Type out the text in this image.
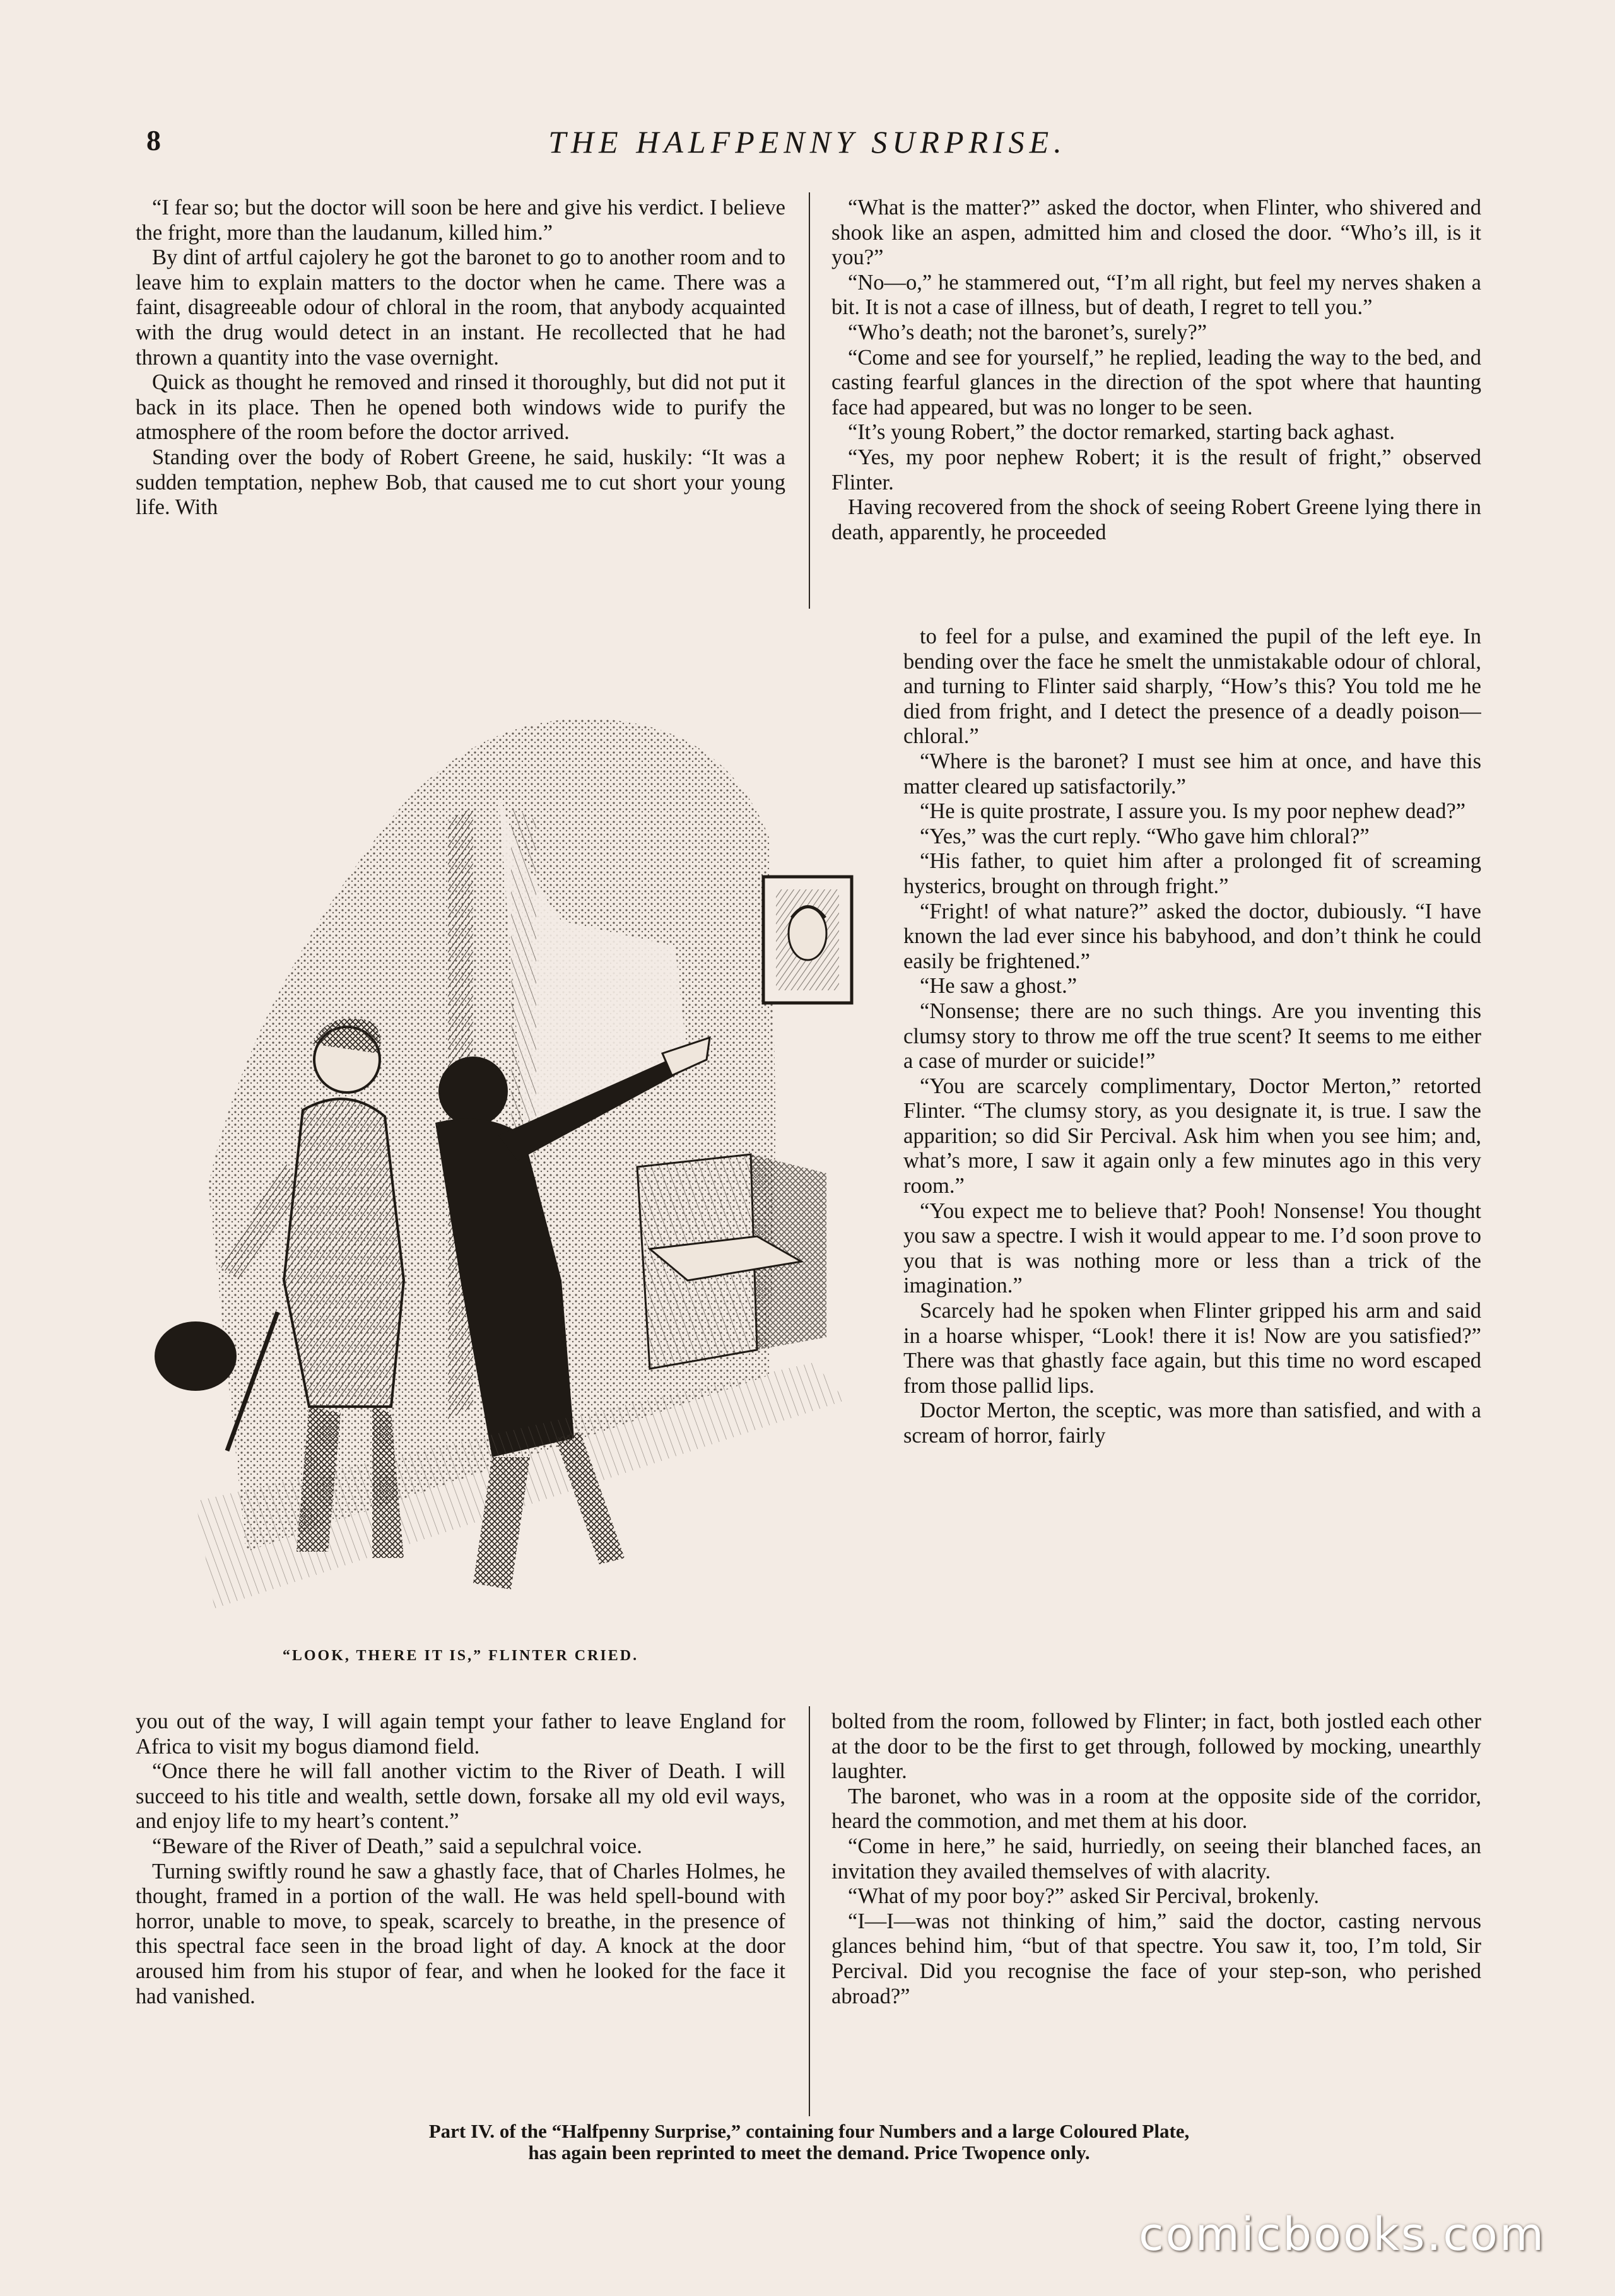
8	THE HALFPENNY SURPRISE.

“I fear so; but the doctor will soon be here and give his verdict. I believe the fright, more than the laudanum, killed him.”

By dint of artful cajolery he got the baronet to go to another room and to leave him to explain matters to the doctor when he came. There was a faint, disagreeable odour of chloral in the room, that anybody acquainted with the drug would detect in an instant. He recollected that he had thrown a quantity into the vase overnight.

Quick as thought he removed and rinsed it thoroughly, but did not put it back in its place. Then he opened both windows wide to purify the atmosphere of the room before the doctor arrived.

Standing over the body of Robert Greene, he said, huskily: “It was a sudden temptation, nephew Bob, that caused me to cut short your young life. With

“What is the matter?” asked the doctor, when Flinter, who shivered and shook like an aspen, admitted him and closed the door. “Who’s ill, is it you?”

“No—o,” he stammered out, “I’m all right, but feel my nerves shaken a bit. It is not a case of illness, but of death, I regret to tell you.”

“Who’s death; not the baronet’s, surely?”

“Come and see for yourself,” he replied, leading the way to the bed, and casting fearful glances in the direction of the spot where that haunting face had appeared, but was no longer to be seen.

“It’s young Robert,” the doctor remarked, starting back aghast.

“Yes, my poor nephew Robert; it is the result of fright,” observed Flinter.

Having recovered from the shock of seeing Robert Greene lying there in death, apparently, he proceeded

“LOOK, THERE IT IS,” FLINTER CRIED.

to feel for a pulse, and examined the pupil of the left eye. In bending over the face he smelt the unmistakable odour of chloral, and turning to Flinter said sharply, “How’s this? You told me he died from fright, and I detect the presence of a deadly poison—chloral.”

“Where is the baronet? I must see him at once, and have this matter cleared up satisfactorily.”

“He is quite prostrate, I assure you. Is my poor nephew dead?”

“Yes,” was the curt reply. “Who gave him chloral?”

“His father, to quiet him after a prolonged fit of screaming hysterics, brought on through fright.”

“Fright! of what nature?” asked the doctor, dubiously. “I have known the lad ever since his babyhood, and don’t think he could easily be frightened.”

“He saw a ghost.”

“Nonsense; there are no such things. Are you inventing this clumsy story to throw me off the true scent? It seems to me either a case of murder or suicide!”

“You are scarcely complimentary, Doctor Merton,” retorted Flinter. “The clumsy story, as you designate it, is true. I saw the apparition; so did Sir Percival. Ask him when you see him; and, what’s more, I saw it again only a few minutes ago in this very room.”

“You expect me to believe that? Pooh! Nonsense! You thought you saw a spectre. I wish it would appear to me. I’d soon prove to you that is was nothing more or less than a trick of the imagination.”

Scarcely had he spoken when Flinter gripped his arm and said in a hoarse whisper, “Look! there it is! Now are you satisfied?” There was that ghastly face again, but this time no word escaped from those pallid lips.

Doctor Merton, the sceptic, was more than satisfied, and with a scream of horror, fairly

you out of the way, I will again tempt your father to leave England for Africa to visit my bogus diamond field.

“Once there he will fall another victim to the River of Death. I will succeed to his title and wealth, settle down, forsake all my old evil ways, and enjoy life to my heart’s content.”

“Beware of the River of Death,” said a sepulchral voice.

Turning swiftly round he saw a ghastly face, that of Charles Holmes, he thought, framed in a portion of the wall. He was held spell-bound with horror, unable to move, to speak, scarcely to breathe, in the presence of this spectral face seen in the broad light of day. A knock at the door aroused him from his stupor of fear, and when he looked for the face it had vanished.

bolted from the room, followed by Flinter; in fact, both jostled each other at the door to be the first to get through, followed by mocking, unearthly laughter.

The baronet, who was in a room at the opposite side of the corridor, heard the commotion, and met them at his door.

“Come in here,” he said, hurriedly, on seeing their blanched faces, an invitation they availed themselves of with alacrity.

“What of my poor boy?” asked Sir Percival, brokenly.

“I—I—was not thinking of him,” said the doctor, casting nervous glances behind him, “but of that spectre. You saw it, too, I’m told, Sir Percival. Did you recognise the face of your step-son, who perished abroad?”

Part IV. of the “Halfpenny Surprise,” containing four Numbers and a large Coloured Plate,
has again been reprinted to meet the demand. Price Twopence only.
comicbooks.com
